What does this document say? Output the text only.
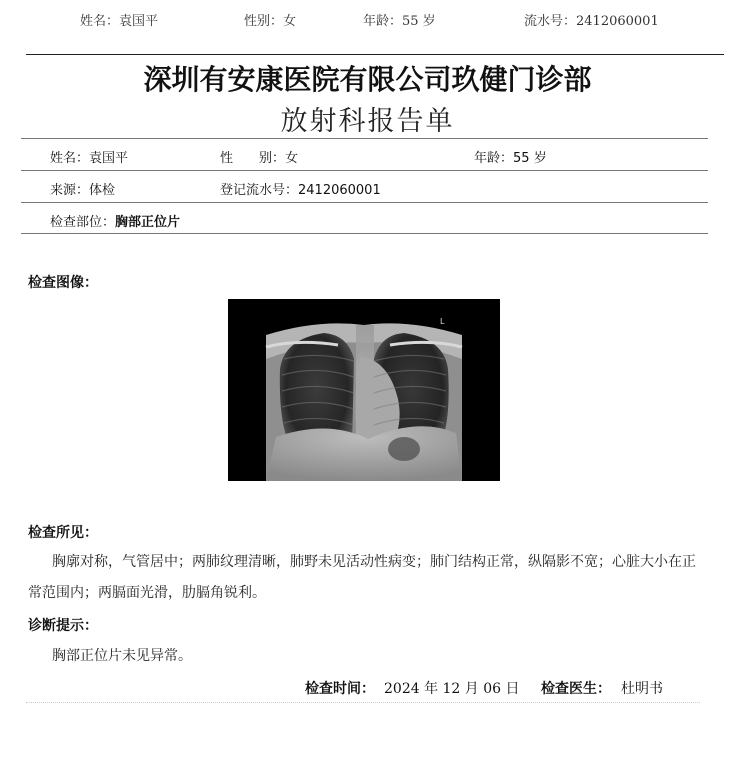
姓名：袁国平	性别：女	年龄：55 岁	流水号：2412060001
深圳有安康医院有限公司玖健门诊部
放射科报告单
姓名：袁国平	性　　别：女	年龄：55 岁
来源：体检	登记流水号：2412060001
检查部位：胸部正位片
检查图像：
L
检查所见：
胸廓对称，气管居中；两肺纹理清晰，肺野未见活动性病变；肺门结构正常，纵隔影不宽；心脏大小在正常范围内；两膈面光滑，肋膈角锐利。
诊断提示：
胸部正位片未见异常。
检查时间： 2024 年 12 月 06 日 检查医生： 杜明书
